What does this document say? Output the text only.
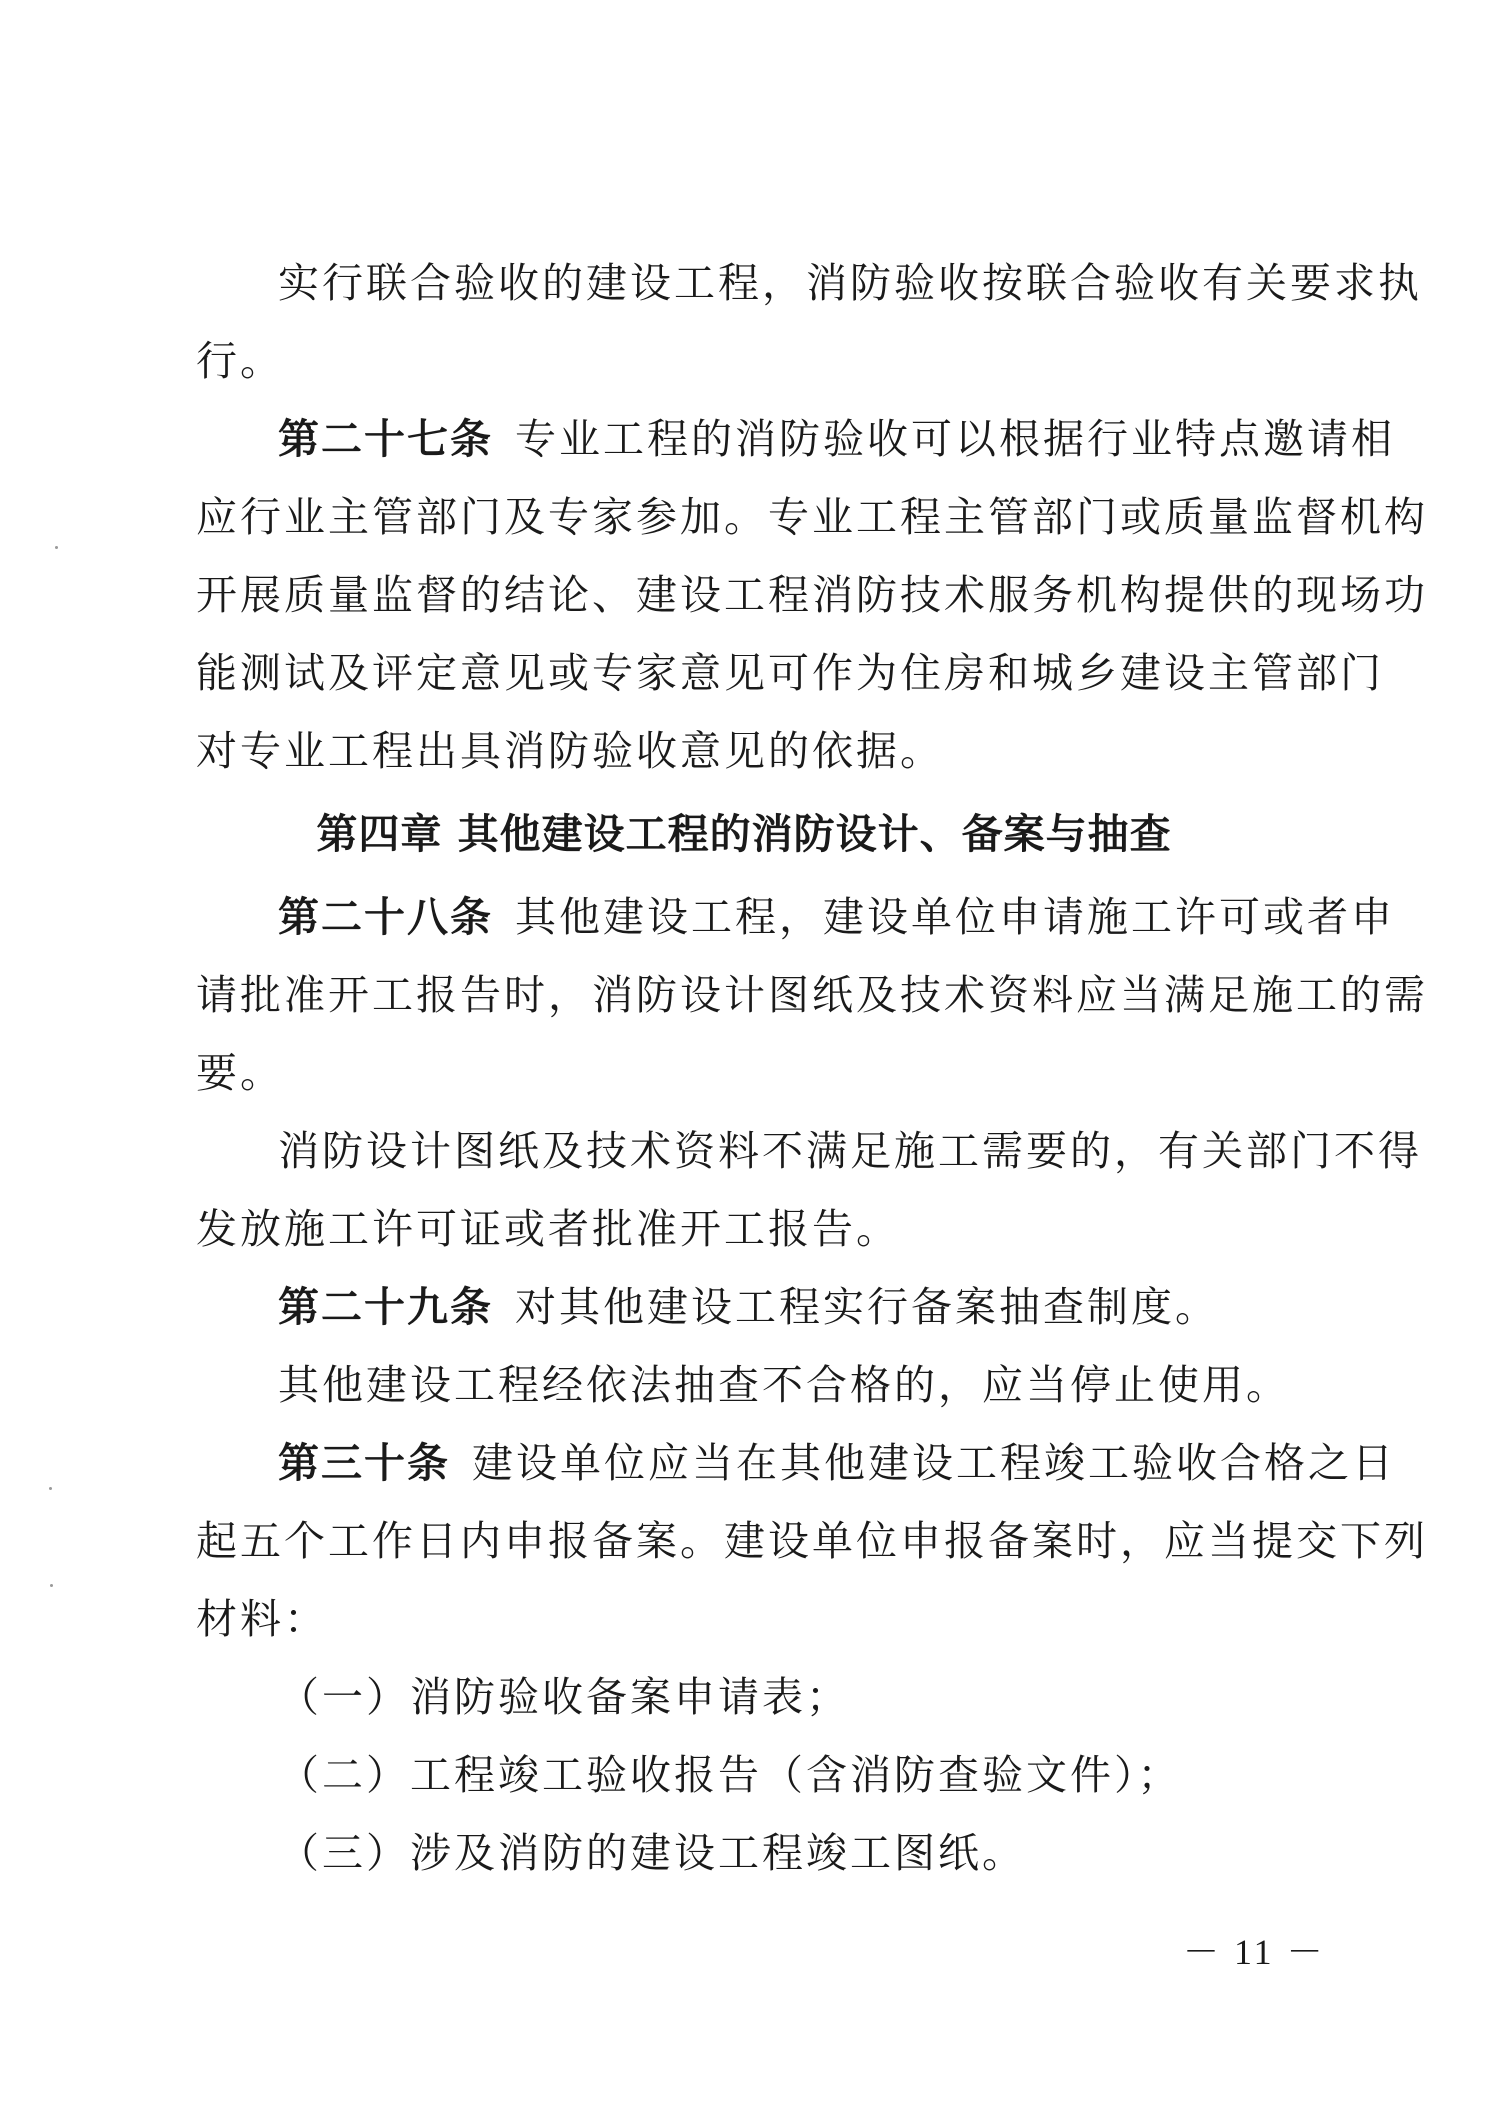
实行联合验收的建设工程，消防验收按联合验收有关要求执
行。
第二十七条 专业工程的消防验收可以根据行业特点邀请相
应行业主管部门及专家参加。专业工程主管部门或质量监督机构
开展质量监督的结论、建设工程消防技术服务机构提供的现场功
能测试及评定意见或专家意见可作为住房和城乡建设主管部门
对专业工程出具消防验收意见的依据。
第四章 其他建设工程的消防设计、备案与抽查
第二十八条 其他建设工程，建设单位申请施工许可或者申
请批准开工报告时，消防设计图纸及技术资料应当满足施工的需
要。
消防设计图纸及技术资料不满足施工需要的，有关部门不得
发放施工许可证或者批准开工报告。
第二十九条 对其他建设工程实行备案抽查制度。
其他建设工程经依法抽查不合格的，应当停止使用。
第三十条 建设单位应当在其他建设工程竣工验收合格之日
起五个工作日内申报备案。建设单位申报备案时，应当提交下列
材料：
（一）消防验收备案申请表；
（二）工程竣工验收报告（含消防查验文件）；
（三）涉及消防的建设工程竣工图纸。
－ 11 －
